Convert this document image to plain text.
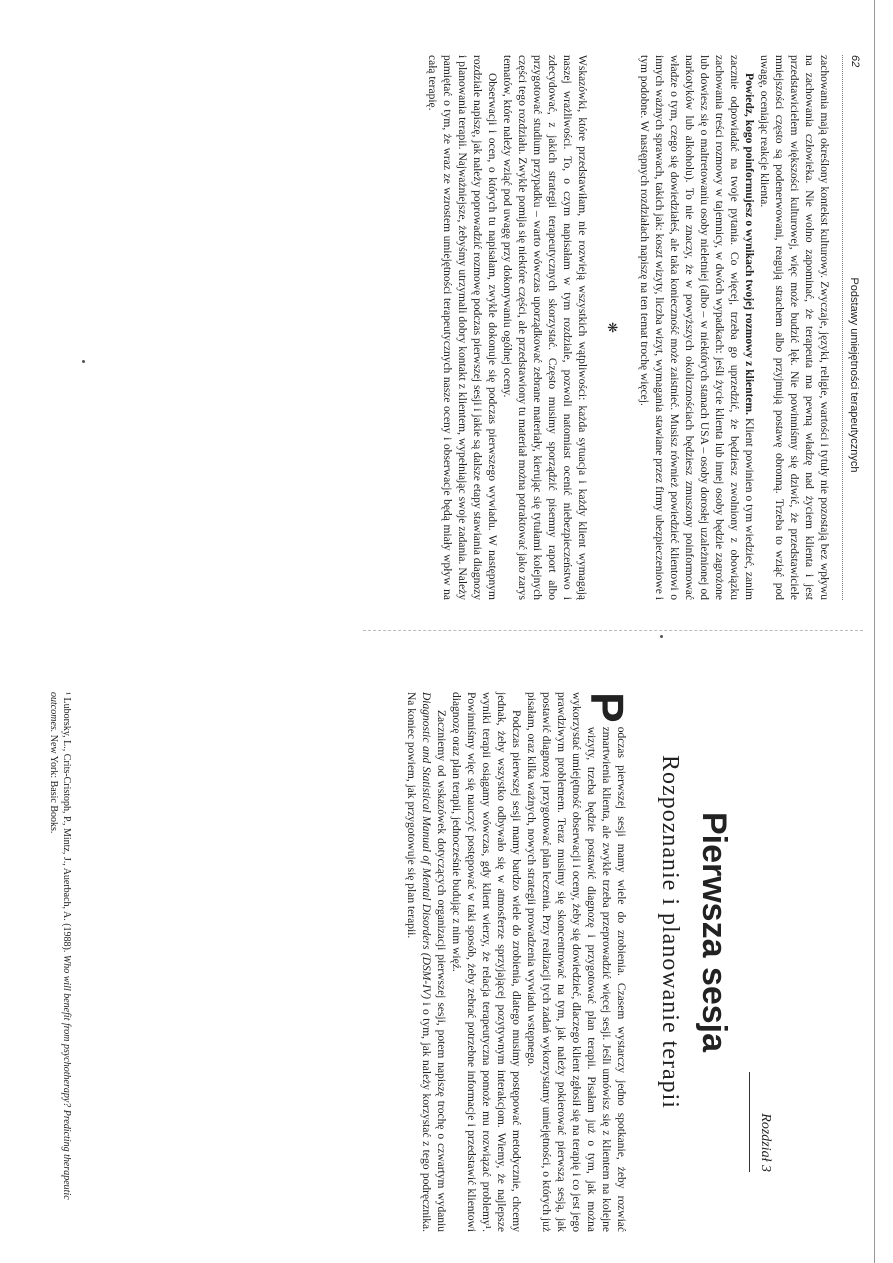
62
Podstawy umiejętności terapeutycznych

zachowania mają określony kontekst kulturowy. Zwyczaje, języki, religie, wartości i tytuły nie pozostają bez wpływu na zachowania człowieka. Nie wolno zapominać, że terapeuta ma pewną władzę nad życiem klienta i jest przedstawicielem większości kulturowej, więc może budzić lęk. Nie powinniśmy się dziwić, że przedstawiciele mniejszości często są podenerwowani, reagują strachem albo przyjmują postawę obronną. Trzeba to wziąć pod uwagę, oceniając reakcje klienta.

Powiedz, kogo poinformujesz o wynikach twojej rozmowy z klientem. Klient powinien o tym wiedzieć, zanim zacznie odpowiadać na twoje pytania. Co więcej, trzeba go uprzedzić, że będziesz zwolniony z obowiązku zachowania treści rozmowy w tajemnicy, w dwóch wypadkach: jeśli życie klienta lub innej osoby będzie zagrożone lub dowiesz się o maltretowaniu osoby nieletniej (albo – w niektórych stanach USA – osoby dorosłej uzależnionej od narkotyków lub alkoholu). To nie znaczy, że w powyższych okolicznościach będziesz zmuszony poinformować władze o tym, czego się dowiedziałeś, ale taka konieczność może zaistnieć. Musisz również powiedzieć klientowi o innych ważnych sprawach, takich jak: koszt wizyty, liczba wizyt, wymagania stawiane przez firmy ubezpieczeniowe i tym podobne. W następnych rozdziałach napiszę na ten temat trochę więcej.

❋

Wskazówki, które przedstawiłam, nie rozwieją wszystkich wątpliwości: każda sytuacja i każdy klient wymagają naszej wrażliwości. To, o czym napisałam w tym rozdziale, pozwoli natomiast ocenić niebezpieczeństwo i zdecydować, z jakich strategii terapeutycznych skorzystać. Często musimy sporządzić pisemny raport albo przygotować studium przypadku – warto wówczas uporządkować zebrane materiały, kierując się tytułami kolejnych części tego rozdziału. Zwykle pomija się niektóre części, ale przedstawiony tu materiał można potraktować jako zarys tematów, które należy wziąć pod uwagę przy dokonywaniu ogólnej oceny.

Obserwacji i ocen, o których tu napisałam, zwykle dokonuje się podczas pierwszego wywiadu. W następnym rozdziale napiszę, jak należy poprowadzić rozmowę podczas pierwszej sesji i jakie są dalsze etapy stawiania diagnozy i planowania terapii. Najważniejsze, żebyśmy utrzymali dobry kontakt z klientem, wypełniając swoje zadania. Należy pamiętać o tym, że wraz ze wzrostem umiejętności terapeutycznych nasze oceny i obserwacje będą miały wpływ na całą terapię.

Rozdział 3
Pierwsza sesja
Rozpoznanie i planowanie terapii

P
odczas pierwszej sesji mamy wiele do zrobienia. Czasem wystarczy jedno spotkanie, żeby rozwiać zmartwienia klienta, ale zwykle trzeba przeprowadzić więcej sesji. Jeśli umówisz się z klientem na kolejne wizyty, trzeba będzie postawić diagnozę i przygotować plan terapii. Pisałam już o tym, jak można wykorzystać umiejętność obserwacji i oceny, żeby się dowiedzieć, dlaczego klient zgłosił się na terapię i co jest jego prawdziwym problemem. Teraz musimy się skoncentrować na tym, jak należy pokierować pierwszą sesją, jak postawić diagnozę i przygotować plan leczenia. Przy realizacji tych zadań wykorzystamy umiejętności, o których już pisałam, oraz kilka ważnych, nowych strategii prowadzenia wywiadu wstępnego.

Podczas pierwszej sesji mamy bardzo wiele do zrobienia, dlatego musimy postępować metodycznie, chcemy jednak, żeby wszystko odbywało się w atmosferze sprzyjającej pozytywnym interakcjom. Wiemy, że najlepsze wyniki terapii osiągamy wówczas, gdy klient wierzy, że relacja terapeutyczna pomoże mu rozwiązać problemy¹. Powinniśmy więc się nauczyć postępować w taki sposób, żeby zebrać potrzebne informacje i przedstawić klientowi diagnozę oraz plan terapii, jednocześnie budując z nim więź.

Zaczniemy od wskazówek dotyczących organizacji pierwszej sesji, potem napiszę trochę o czwartym wydaniu Diagnostic and Statistical Manual of Mental Disorders (DSM-IV) i o tym, jak należy korzystać z tego podręcznika. Na koniec powiem, jak przygotowuje się plan terapii.

¹ Luborsky, L., Crits-Cristoph, P., Mintz, J., Auerbach, A. (1988). Who will benefit from psychotherapy? Predicting therapeutic outcomes. New York: Basic Books.
